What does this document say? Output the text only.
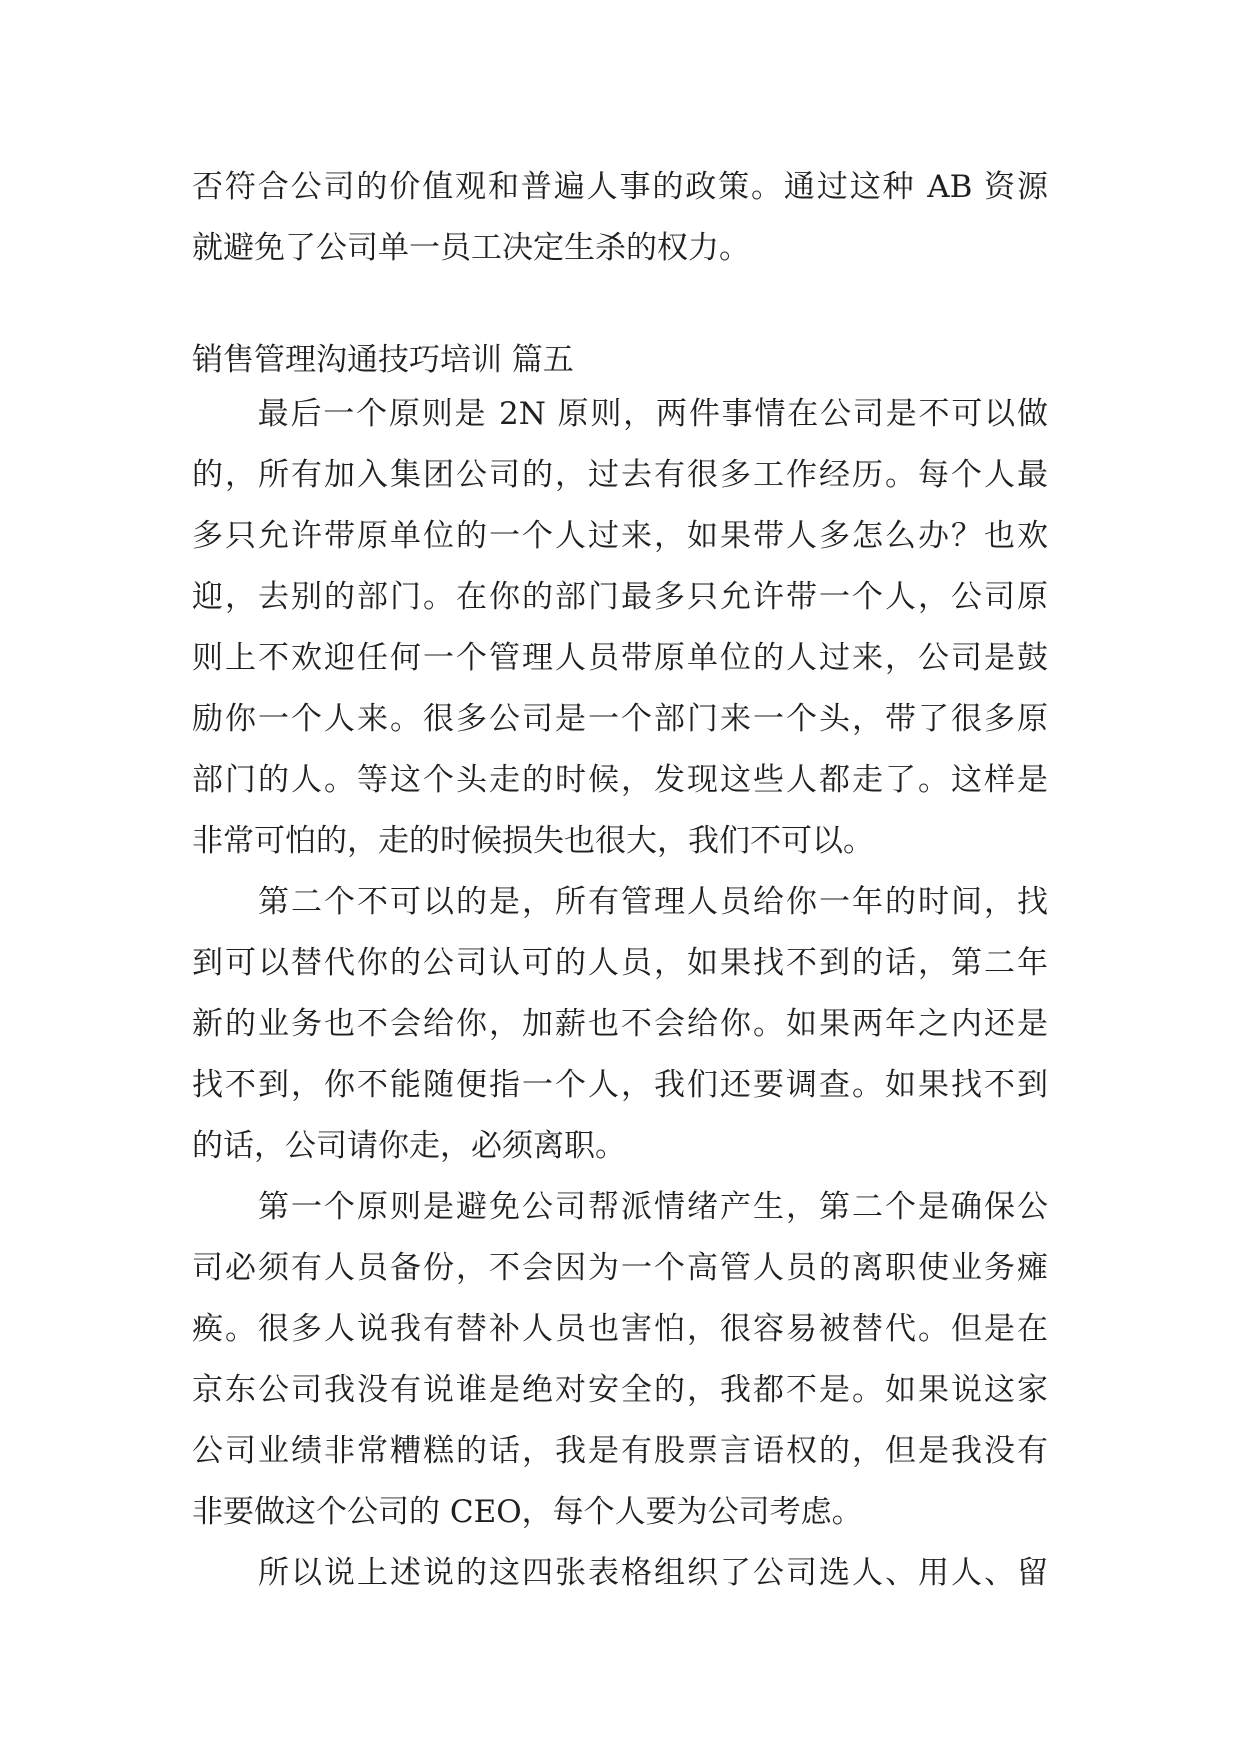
否符合公司的价值观和普遍人事的政策。通过这种 AB 资源
就避免了公司单一员工决定生杀的权力。
销售管理沟通技巧培训 篇五
　　最后一个原则是 2N 原则，两件事情在公司是不可以做
的，所有加入集团公司的，过去有很多工作经历。每个人最
多只允许带原单位的一个人过来，如果带人多怎么办？也欢
迎，去别的部门。在你的部门最多只允许带一个人，公司原
则上不欢迎任何一个管理人员带原单位的人过来，公司是鼓
励你一个人来。很多公司是一个部门来一个头，带了很多原
部门的人。等这个头走的时候，发现这些人都走了。这样是
非常可怕的，走的时候损失也很大，我们不可以。
　　第二个不可以的是，所有管理人员给你一年的时间，找
到可以替代你的公司认可的人员，如果找不到的话，第二年
新的业务也不会给你，加薪也不会给你。如果两年之内还是
找不到，你不能随便指一个人，我们还要调查。如果找不到
的话，公司请你走，必须离职。
　　第一个原则是避免公司帮派情绪产生，第二个是确保公
司必须有人员备份，不会因为一个高管人员的离职使业务瘫
痪。很多人说我有替补人员也害怕，很容易被替代。但是在
京东公司我没有说谁是绝对安全的，我都不是。如果说这家
公司业绩非常糟糕的话，我是有股票言语权的，但是我没有
非要做这个公司的 CEO，每个人要为公司考虑。
　　所以说上述说的这四张表格组织了公司选人、用人、留
